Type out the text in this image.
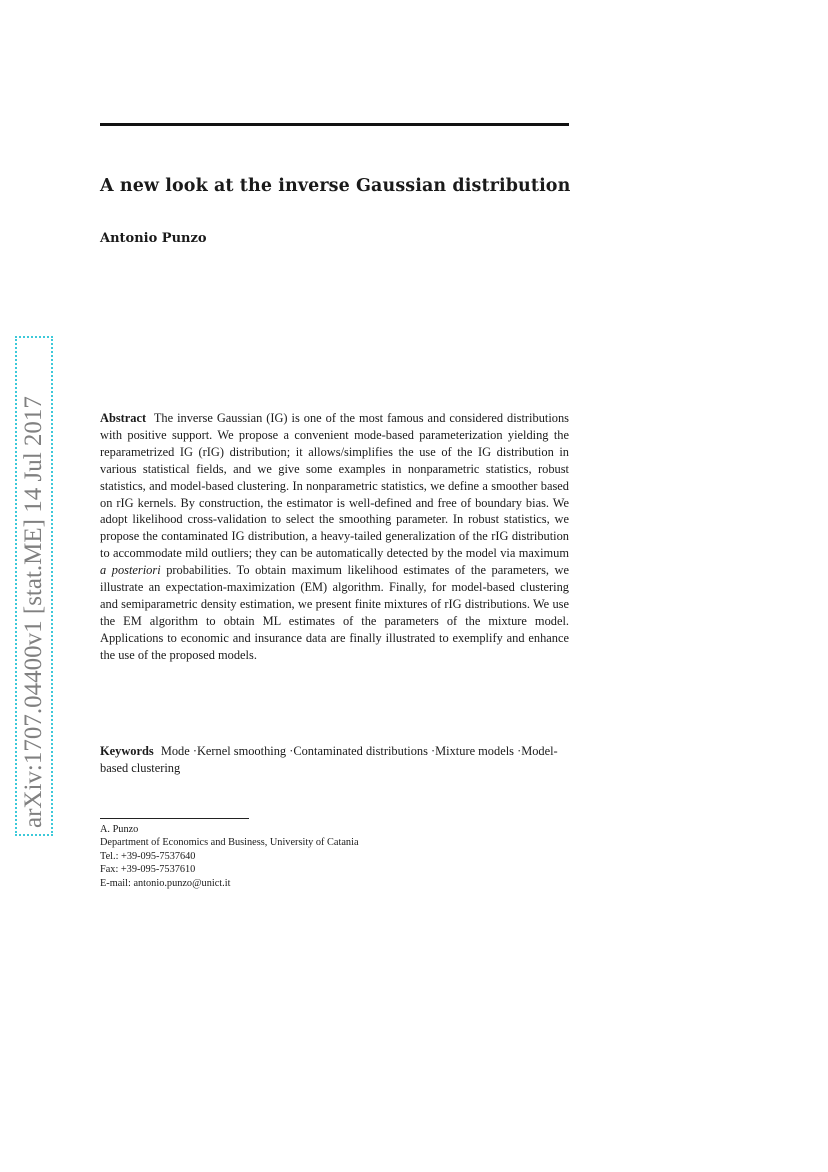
A new look at the inverse Gaussian distribution
Antonio Punzo
arXiv:1707.04400v1 [stat.ME] 14 Jul 2017	Abstract The inverse Gaussian (IG) is one of the most famous and considered distributions with positive support. We propose a convenient mode-based parameterization yielding the reparametrized IG (rIG) distribution; it allows/simplifies the use of the IG distribution in various statistical fields, and we give some examples in nonparametric statistics, robust statistics, and model-based clustering. In nonparametric statistics, we define a smoother based on rIG kernels. By construction, the estimator is well-defined and free of boundary bias. We adopt likelihood cross-validation to select the smoothing parameter. In robust statistics, we propose the contaminated IG distribution, a heavy-tailed generalization of the rIG distribution to accommodate mild outliers; they can be automatically detected by the model via maximum a posteriori probabilities. To obtain maximum likelihood estimates of the parameters, we illustrate an expectation-maximization (EM) algorithm. Finally, for model-based clustering and semiparametric density estimation, we present finite mixtures of rIG distributions. We use the EM algorithm to obtain ML estimates of the parameters of the mixture model. Applications to economic and insurance data are finally illustrated to exemplify and enhance the use of the proposed models.
Keywords Mode · Kernel smoothing · Contaminated distributions · Mixture models · Model-based clustering
A. Punzo
Department of Economics and Business, University of Catania
Tel.: +39-095-7537640
Fax: +39-095-7537610
E-mail: antonio.punzo@unict.it
